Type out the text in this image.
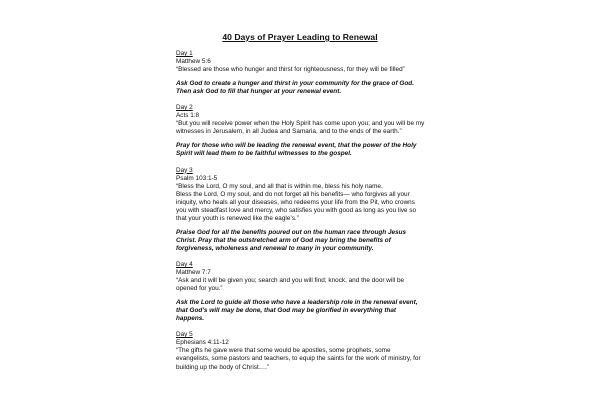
40 Days of Prayer Leading to Renewal
Day 1
Matthew 5:6
“Blessed are those who hunger and thirst for righteousness, for they will be filled”
Ask God to create a hunger and thirst in your community for the grace of God.
Then ask God to fill that hunger at your renewal event.
Day 2
Acts 1:8
“But you will receive power when the Holy Spirit has come upon you; and you will be my
witnesses in Jerusalem, in all Judea and Samaria, and to the ends of the earth.”
Pray for those who will be leading the renewal event, that the power of the Holy
Spirit will lead them to be faithful witnesses to the gospel.
Day 3
Psalm 103:1-5
“Bless the Lord, O my soul, and all that is within me, bless his holy name.
Bless the Lord, O my soul, and do not forget all his benefits— who forgives all your
iniquity, who heals all your diseases, who redeems your life from the Pit, who crowns
you with steadfast love and mercy, who satisfies you with good as long as you live so
that your youth is renewed like the eagle’s.”
Praise God for all the benefits poured out on the human race through Jesus
Christ. Pray that the outstretched arm of God may bring the benefits of
forgiveness, wholeness and renewal to many in your community.
Day 4
Matthew 7:7
“Ask and it will be given you; search and you will find; knock, and the door will be
opened for you.”
Ask the Lord to guide all those who have a leadership role in the renewal event,
that God’s will may be done, that God may be glorified in everything that
happens.
Day 5
Ephesians 4:11-12
“The gifts he gave were that some would be apostles, some prophets, some
evangelists, some pastors and teachers, to equip the saints for the work of ministry, for
building up the body of Christ….”
